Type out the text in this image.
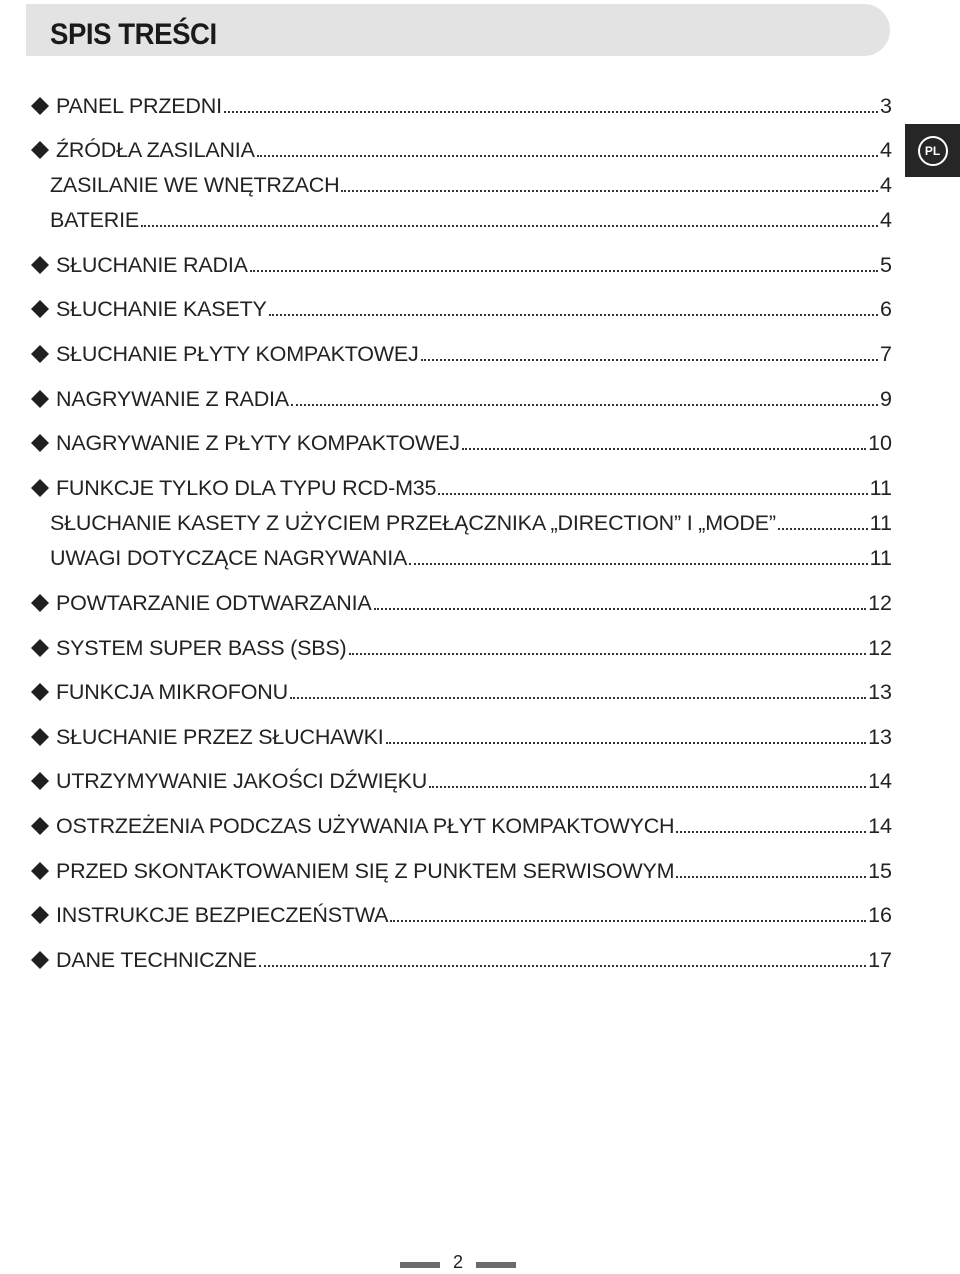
SPIS TREŚCI
PL
PANEL PRZEDNI	3
ŹRÓDŁA ZASILANIA	4
ZASILANIE WE WNĘTRZACH	4
BATERIE	4
SŁUCHANIE RADIA	5
SŁUCHANIE KASETY	6
SŁUCHANIE PŁYTY KOMPAKTOWEJ	7
NAGRYWANIE Z RADIA	9
NAGRYWANIE Z PŁYTY KOMPAKTOWEJ	10
FUNKCJE TYLKO DLA TYPU RCD-M35	11
SŁUCHANIE KASETY Z UŻYCIEM PRZEŁĄCZNIKA „DIRECTION” I „MODE”	11
UWAGI DOTYCZĄCE NAGRYWANIA	11
POWTARZANIE ODTWARZANIA	12
SYSTEM SUPER BASS (SBS)	12
FUNKCJA MIKROFONU	13
SŁUCHANIE PRZEZ SŁUCHAWKI	13
UTRZYMYWANIE JAKOŚCI DŹWIĘKU	14
OSTRZEŻENIA PODCZAS UŻYWANIA PŁYT KOMPAKTOWYCH	14
PRZED SKONTAKTOWANIEM SIĘ Z PUNKTEM SERWISOWYM	15
INSTRUKCJE BEZPIECZEŃSTWA	16
DANE TECHNICZNE	17
2
